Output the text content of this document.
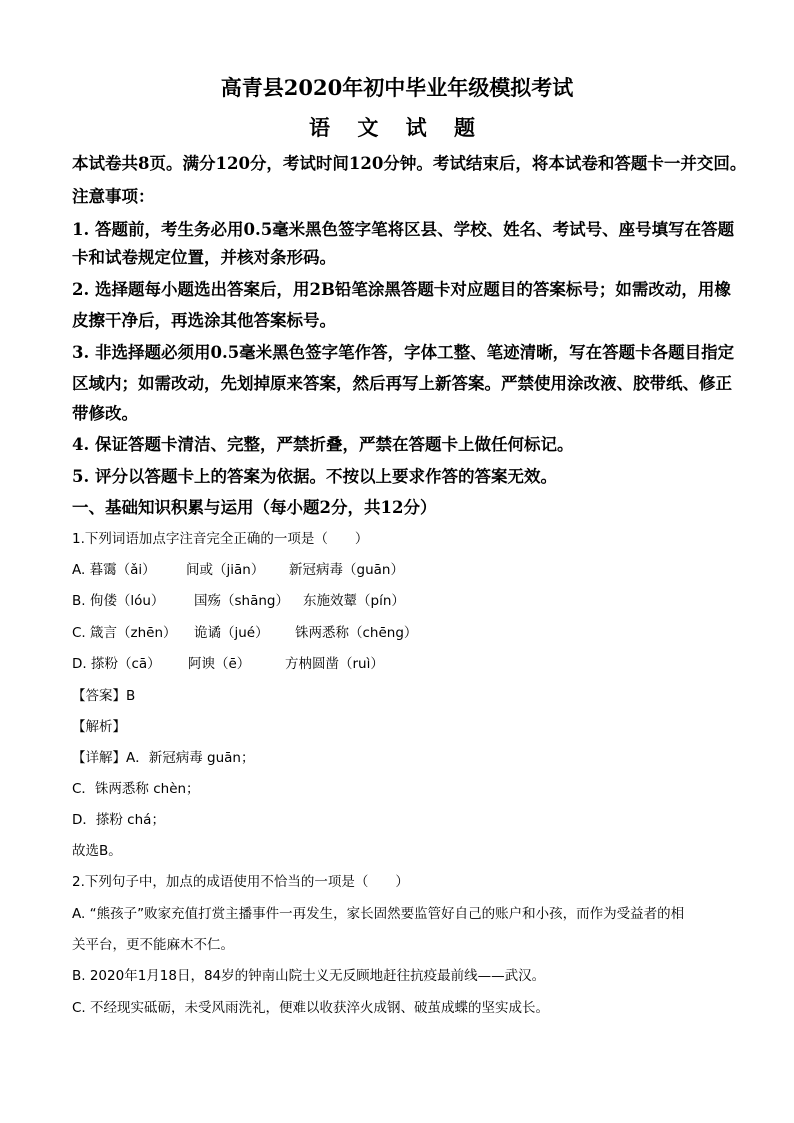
高青县2020年初中毕业年级模拟考试
语 文 试 题
本试卷共8页。满分120分，考试时间120分钟。考试结束后，将本试卷和答题卡一并交回。
注意事项：
1. 答题前，考生务必用0.5毫米黑色签字笔将区县、学校、姓名、考试号、座号填写在答题
卡和试卷规定位置，并核对条形码。
2. 选择题每小题选出答案后，用2B铅笔涂黑答题卡对应题目的答案标号；如需改动，用橡
皮擦干净后，再选涂其他答案标号。
3. 非选择题必须用0.5毫米黑色签字笔作答，字体工整、笔迹清晰，写在答题卡各题目指定
区域内；如需改动，先划掉原来答案，然后再写上新答案。严禁使用涂改液、胶带纸、修正
带修改。
4. 保证答题卡清洁、完整，严禁折叠，严禁在答题卡上做任何标记。
5. 评分以答题卡上的答案为依据。不按以上要求作答的答案无效。
一、基础知识积累与运用（每小题2分，共12分）
1.下列词语加点字注音完全正确的一项是（　　）
A. 暮霭（ǎi） 间或（jiān） 新冠病毒（guān）
B. 佝偻（lóu） 国殇（shāng） 东施效颦（pín）
C. 箴言（zhēn） 诡谲（jué） 铢两悉称（chēng）
D. 搽粉（cā） 阿谀（ē）	方枘圆凿（ruì）
【答案】B
【解析】
【详解】A．新冠病毒 guān；
C．铢两悉称 chèn；
D．搽粉 chá；
故选B。
2.下列句子中，加点的成语使用不恰当的一项是（　　）
A. “熊孩子”败家充值打赏主播事件一再发生，家长固然要监管好自己的账户和小孩，而作为受益者的相
关平台，更不能麻木不仁。
B. 2020年1月18日，84岁的钟南山院士义无反顾地赶往抗疫最前线——武汉。
C. 不经现实砥砺，未受风雨洗礼，便难以收获淬火成钢、破茧成蝶的坚实成长。
